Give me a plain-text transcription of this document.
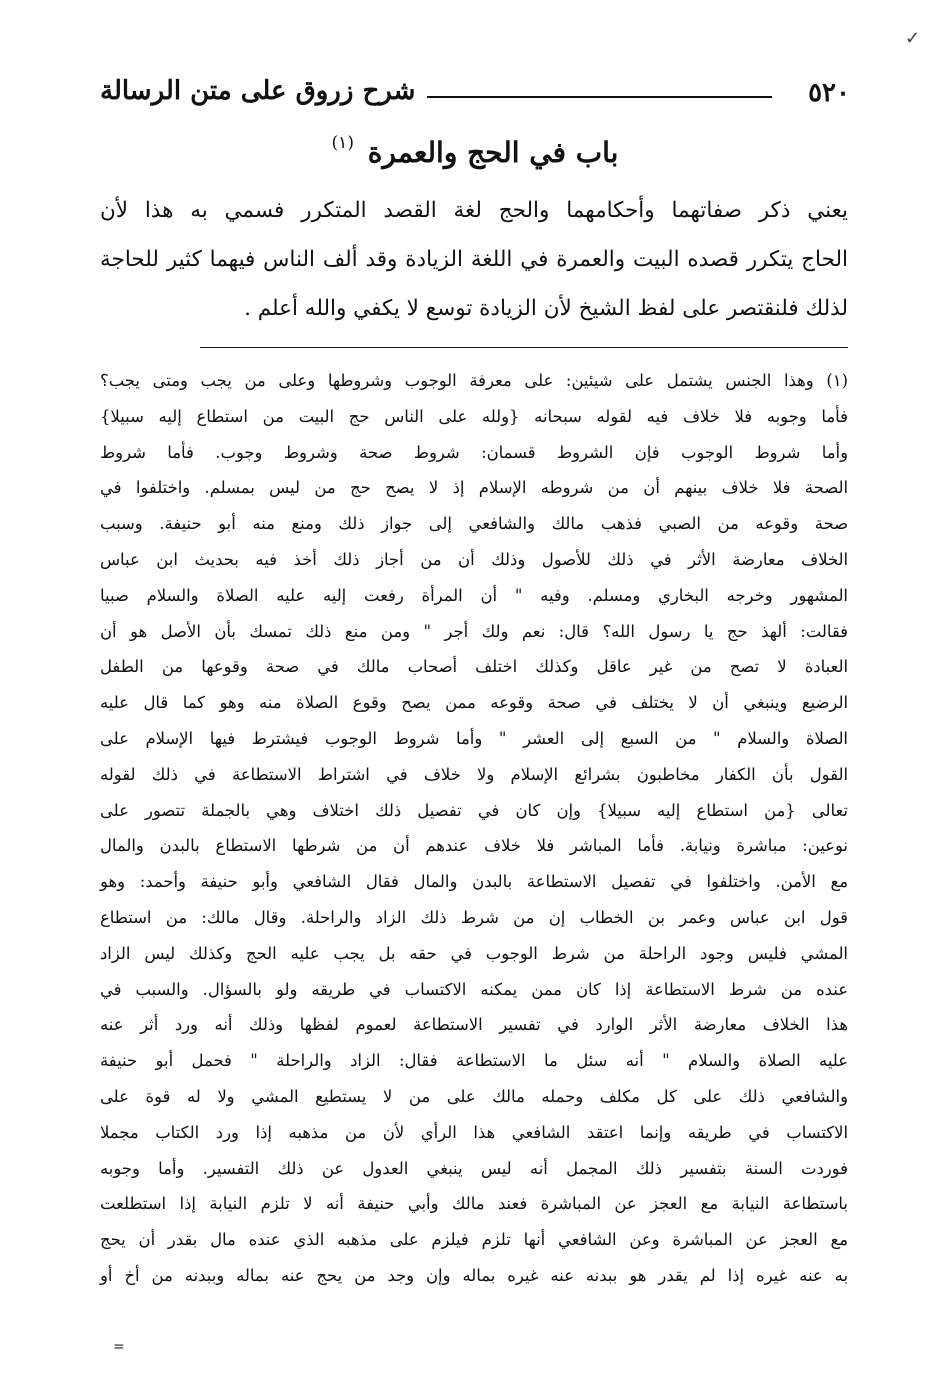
✓
٥٢٠
شرح زروق على متن الرسالة
باب في الحج والعمرة $^{(١)}$
يعني ذكر صفاتهما وأحكامهما والحج لغة القصد المتكرر فسمي به هذا لأن
الحاج يتكرر قصده البيت والعمرة في اللغة الزيادة وقد ألف الناس فيهما كثير للحاجة
لذلك فلنقتصر على لفظ الشيخ لأن الزيادة توسع لا يكفي والله أعلم .
(١) وهذا الجنس يشتمل على شيئين: على معرفة الوجوب وشروطها وعلى من يجب ومتى يجب؟
فأما وجوبه فلا خلاف فيه لقوله سبحانه {ولله على الناس حج البيت من استطاع إليه سبيلا}
وأما شروط الوجوب فإن الشروط قسمان: شروط صحة وشروط وجوب. فأما شروط
الصحة فلا خلاف بينهم أن من شروطه الإسلام إذ لا يصح حج من ليس بمسلم. واختلفوا في
صحة وقوعه من الصبي فذهب مالك والشافعي إلى جواز ذلك ومنع منه أبو حنيفة. وسبب
الخلاف معارضة الأثر في ذلك للأصول وذلك أن من أجاز ذلك أخذ فيه بحديث ابن عباس
المشهور وخرجه البخاري ومسلم. وفيه " أن المرأة رفعت إليه عليه الصلاة والسلام صبيا
فقالت: ألهذ حج يا رسول الله؟ قال: نعم ولك أجر " ومن منع ذلك تمسك بأن الأصل هو أن
العبادة لا تصح من غير عاقل وكذلك اختلف أصحاب مالك في صحة وقوعها من الطفل
الرضيع وينبغي أن لا يختلف في صحة وقوعه ممن يصح وقوع الصلاة منه وهو كما قال عليه
الصلاة والسلام " من السبع إلى العشر " وأما شروط الوجوب فيشترط فيها الإسلام على
القول بأن الكفار مخاطبون بشرائع الإسلام ولا خلاف في اشتراط الاستطاعة في ذلك لقوله
تعالى {من استطاع إليه سبيلا} وإن كان في تفصيل ذلك اختلاف وهي بالجملة تتصور على
نوعين: مباشرة ونيابة. فأما المباشر فلا خلاف عندهم أن من شرطها الاستطاع بالبدن والمال
مع الأمن. واختلفوا في تفصيل الاستطاعة بالبدن والمال فقال الشافعي وأبو حنيفة وأحمد: وهو
قول ابن عباس وعمر بن الخطاب إن من شرط ذلك الزاد والراحلة. وقال مالك: من استطاع
المشي فليس وجود الراحلة من شرط الوجوب في حقه بل يجب عليه الحج وكذلك ليس الزاد
عنده من شرط الاستطاعة إذا كان ممن يمكنه الاكتساب في طريقه ولو بالسؤال. والسبب في
هذا الخلاف معارضة الأثر الوارد في تفسير الاستطاعة لعموم لفظها وذلك أنه ورد أثر عنه
عليه الصلاة والسلام " أنه سئل ما الاستطاعة فقال: الزاد والراحلة " فحمل أبو حنيفة
والشافعي ذلك على كل مكلف وحمله مالك على من لا يستطيع المشي ولا له قوة على
الاكتساب في طريقه وإنما اعتقد الشافعي هذا الرأي لأن من مذهبه إذا ورد الكتاب مجملا
فوردت السنة بتفسير ذلك المجمل أنه ليس ينبغي العدول عن ذلك التفسير. وأما وجوبه
باستطاعة النيابة مع العجز عن المباشرة فعند مالك وأبي حنيفة أنه لا تلزم النيابة إذا استطلعت
مع العجز عن المباشرة وعن الشافعي أنها تلزم فيلزم على مذهبه الذي عنده مال بقدر أن يحج
به عنه غيره إذا لم يقدر هو ببدنه عنه غيره بماله وإن وجد من يحج عنه بماله وببدنه من أخ أو
=
